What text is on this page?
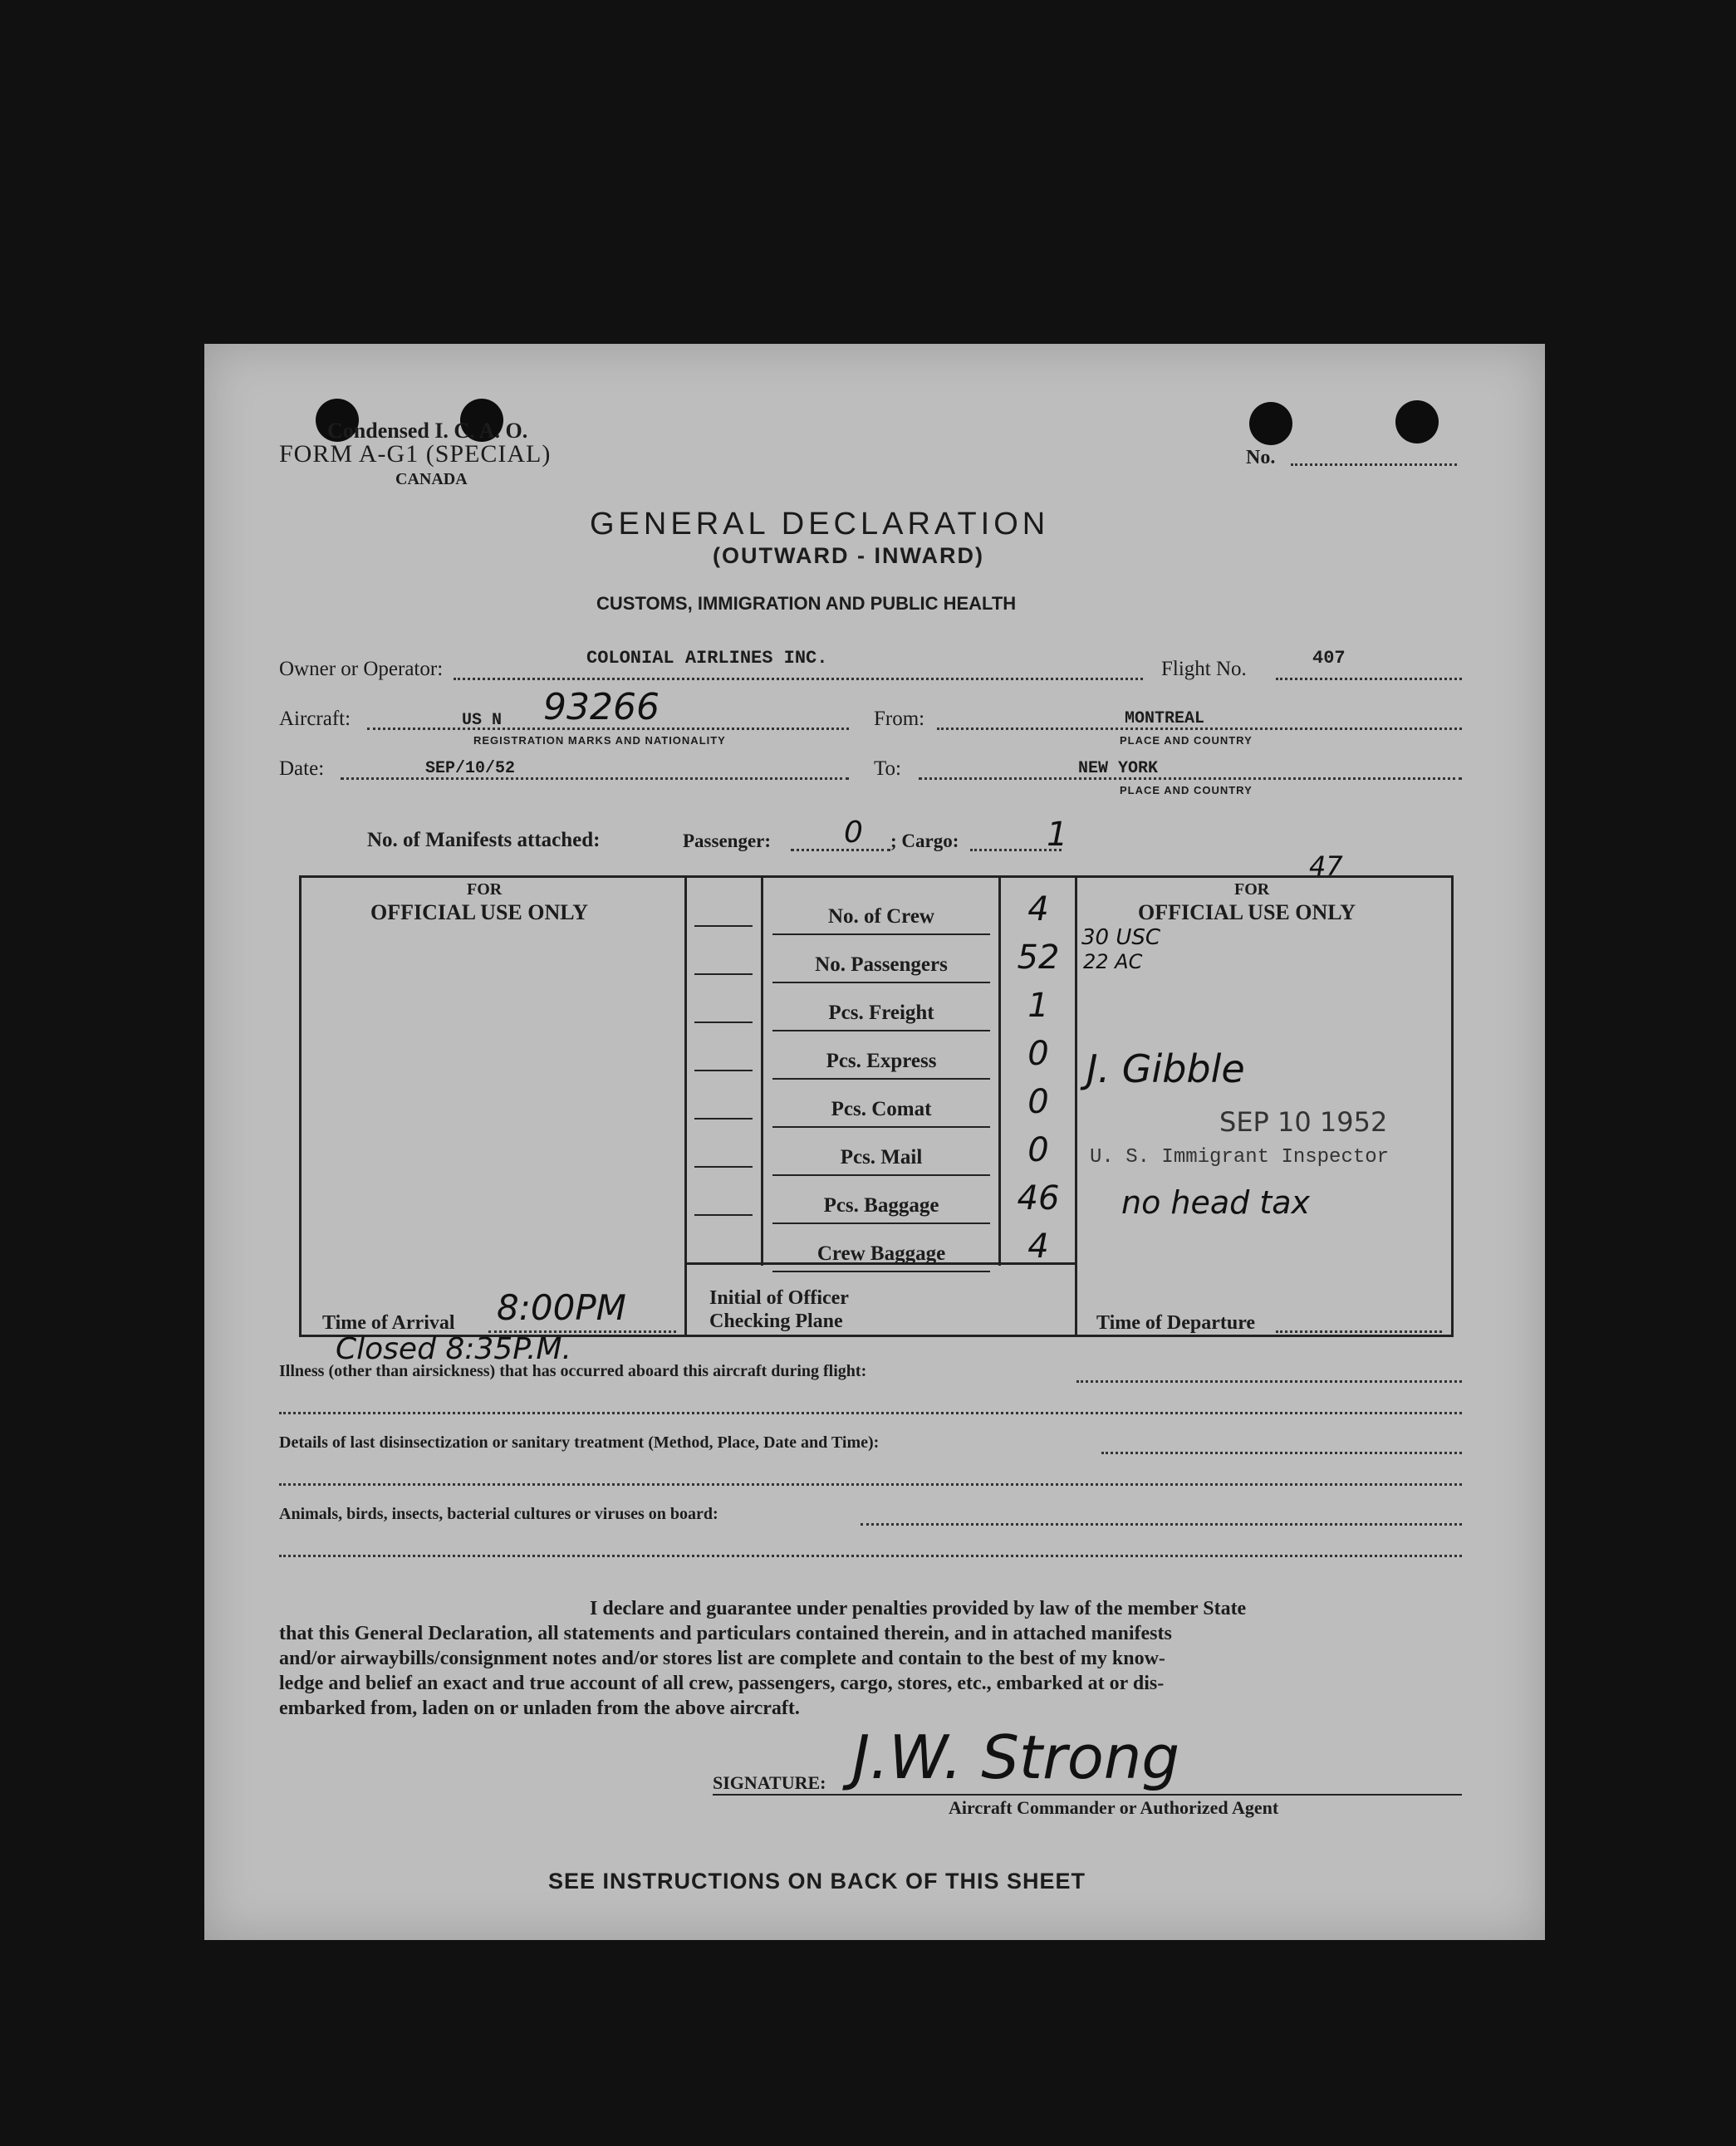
Condensed I. C. A. O.
FORM A-G1 (SPECIAL)
CANADA
No.
GENERAL DECLARATION
(OUTWARD - INWARD)
CUSTOMS, IMMIGRATION AND PUBLIC HEALTH
Owner or Operator:	COLONIAL AIRLINES INC.	Flight No.	407
Aircraft:	US N 93266
REGISTRATION MARKS AND NATIONALITY
From:	MONTREAL
PLACE AND COUNTRY
Date:	SEP/10/52	To:	NEW YORK
PLACE AND COUNTRY
No. of Manifests attached:	Passenger: 0 ; Cargo:	1
FOR
OFFICIAL USE ONLY
FOR
OFFICIAL USE ONLY
47
30 USC
22 AC
J. Gibble
SEP 10 1952
U. S. Immigrant Inspector
no head tax
Initial of Officer
Checking Plane
Time of Arrival 8:00PM	Time of Departure
Closed 8:35P.M.
Illness (other than airsickness) that has occurred aboard this aircraft during flight:
Details of last disinsectization or sanitary treatment (Method, Place, Date and Time):
Animals, birds, insects, bacterial cultures or viruses on board:
I declare and guarantee under penalties provided by law of the member State
that this General Declaration, all statements and particulars contained therein, and in attached manifests
and/or airwaybills/consignment notes and/or stores list are complete and contain to the best of my know-
ledge and belief an exact and true account of all crew, passengers, cargo, stores, etc., embarked at or dis-
embarked from, laden on or unladen from the above aircraft.
SIGNATURE: J.W. Strong
Aircraft Commander or Authorized Agent
SEE INSTRUCTIONS ON BACK OF THIS SHEET
No. of Crew	4
No. Passengers	52
Pcs. Freight	1
Pcs. Express	0
Pcs. Comat	0
Pcs. Mail	0
Pcs. Baggage	46
Crew Baggage	4
